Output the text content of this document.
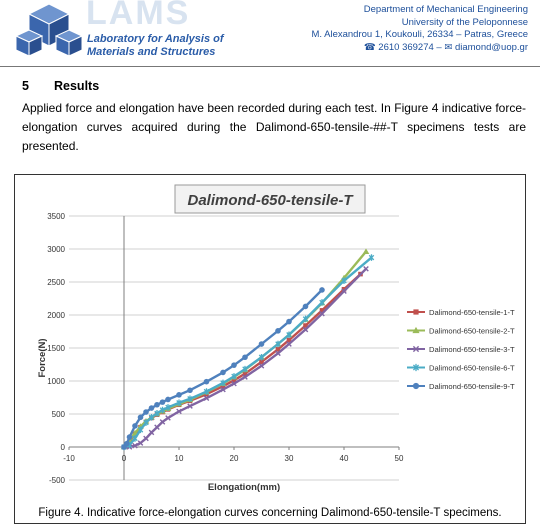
LAMS
Laboratory for Analysis of
Materials and Structures
Department of Mechanical Engineering
University of the Peloponnese
M. Alexandrou 1, Koukouli, 26334 – Patras, Greece
☎ 2610 369274 – ✉ diamond@uop.gr
5 Results
Applied force and elongation have been recorded during each test. In Figure 4 indicative force-elongation curves acquired during the Dalimond-650-tensile-##-T specimens tests are presented.
Dalimond-650-tensile-T
-500
0
500
1000
1500
2000
2500
3000
3500
-10	0	10	20	30	40	50
Elongation(mm)
Force(N)
Dalimond-650-tensile-1-T
Dalimond-650-tensile-2-T
Dalimond-650-tensile-3-T
Dalimond-650-tensile-6-T
Dalimond-650-tensile-9-T
Figure 4. Indicative force-elongation curves concerning Dalimond-650-tensile-T specimens.
